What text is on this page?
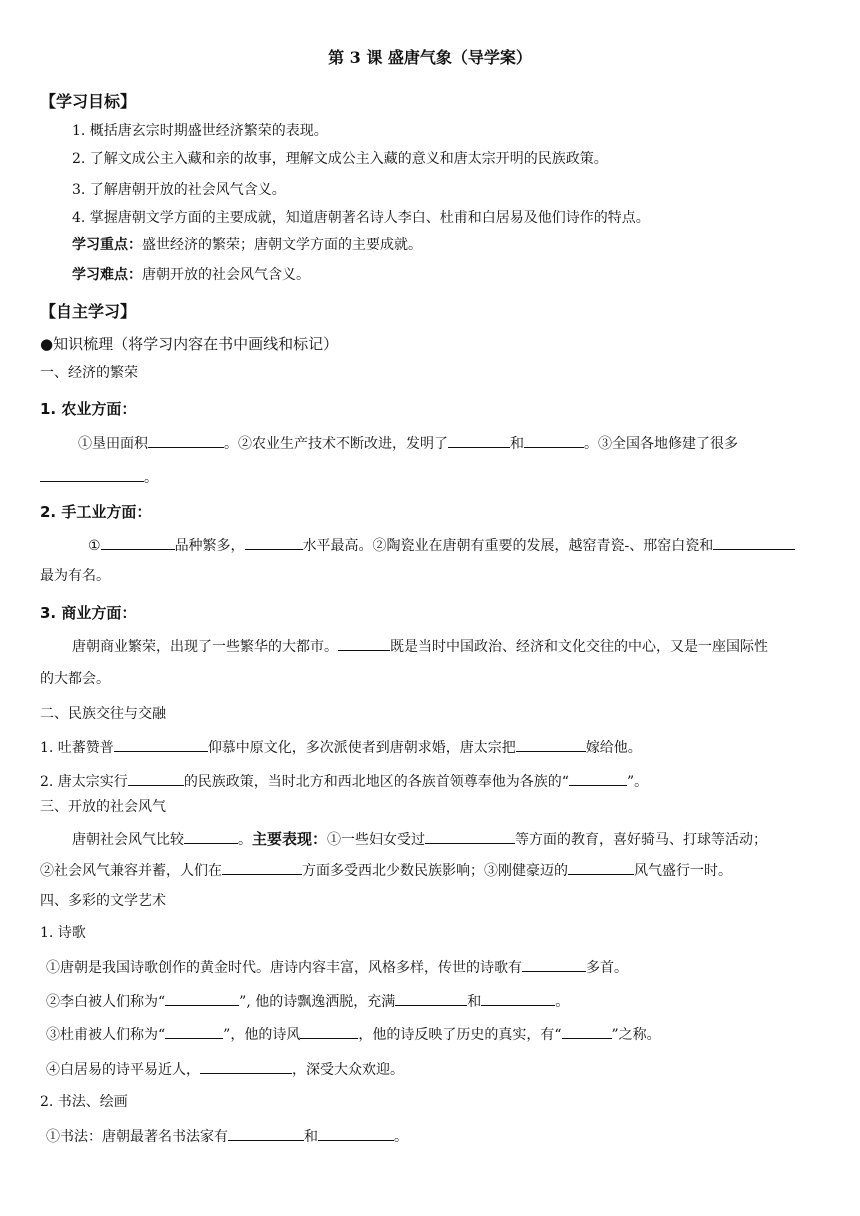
第 3 课 盛唐气象（导学案）
【学习目标】
1. 概括唐玄宗时期盛世经济繁荣的表现。
2. 了解文成公主入藏和亲的故事，理解文成公主入藏的意义和唐太宗开明的民族政策。
3. 了解唐朝开放的社会风气含义。
4. 掌握唐朝文学方面的主要成就，知道唐朝著名诗人李白、杜甫和白居易及他们诗作的特点。
学习重点：盛世经济的繁荣；唐朝文学方面的主要成就。
学习难点：唐朝开放的社会风气含义。
【自主学习】
●知识梳理（将学习内容在书中画线和标记）
一、经济的繁荣
1. 农业方面：
①垦田面积	。②农业生产技术不断改进，发明了	和	。③全国各地修建了很多
。
2. 手工业方面：
①	品种繁多，	水平最高。②陶瓷业在唐朝有重要的发展，越窑青瓷-、邢窑白瓷和
最为有名。
3. 商业方面：
唐朝商业繁荣，出现了一些繁华的大都市。	既是当时中国政治、经济和文化交往的中心，又是一座国际性
的大都会。
二、民族交往与交融
1. 吐蕃赞普	仰慕中原文化，多次派使者到唐朝求婚，唐太宗把	嫁给他。
2. 唐太宗实行	的民族政策，当时北方和西北地区的各族首领尊奉他为各族的“	”。
三、开放的社会风气
唐朝社会风气比较	。主要表现：①一些妇女受过	等方面的教育，喜好骑马、打球等活动；
②社会风气兼容并蓄，人们在	方面多受西北少数民族影响；③刚健豪迈的	风气盛行一时。
四、多彩的文学艺术
1. 诗歌
①唐朝是我国诗歌创作的黄金时代。唐诗内容丰富，风格多样，传世的诗歌有	多首。
②李白被人们称为“	”, 他的诗飘逸洒脱，充满	和	。
③杜甫被人们称为“	”，他的诗风	，他的诗反映了历史的真实，有“	”之称。
④白居易的诗平易近人，	，深受大众欢迎。
2. 书法、绘画
①书法：唐朝最著名书法家有	和	。
